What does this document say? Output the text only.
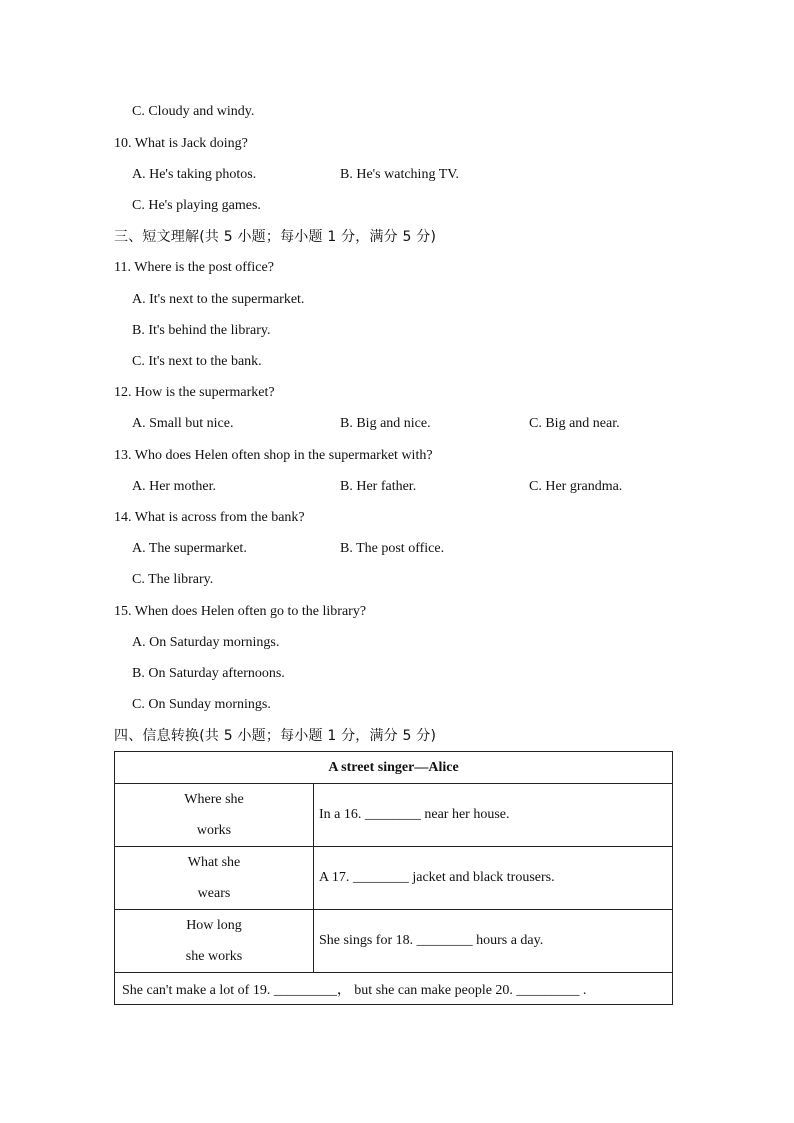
C. Cloudy and windy.
10. What is Jack doing?
A. He's taking photos.	B. He's watching TV.
C. He's playing games.
三、短文理解(共 5 小题；每小题 1 分，满分 5 分)
11. Where is the post office?
A. It's next to the supermarket.
B. It's behind the library.
C. It's next to the bank.
12. How is the supermarket?
A. Small but nice.	B. Big and nice.	C. Big and near.
13. Who does Helen often shop in the supermarket with?
A. Her mother.	B. Her father.	C. Her grandma.
14. What is across from the bank?
A. The supermarket.	B. The post office.
C. The library.
15. When does Helen often go to the library?
A. On Saturday mornings.
B. On Saturday afternoons.
C. On Sunday mornings.
四、信息转换(共 5 小题；每小题 1 分，满分 5 分)
A street singer—Alice	

Where she
works	In a 16. ________ near her house.

What she
wears	A 17. ________ jacket and black trousers.

How long
she works	She sings for 18. ________ hours a day.
She can't make a lot of 19. _________， but she can make people 20. _________ .	
